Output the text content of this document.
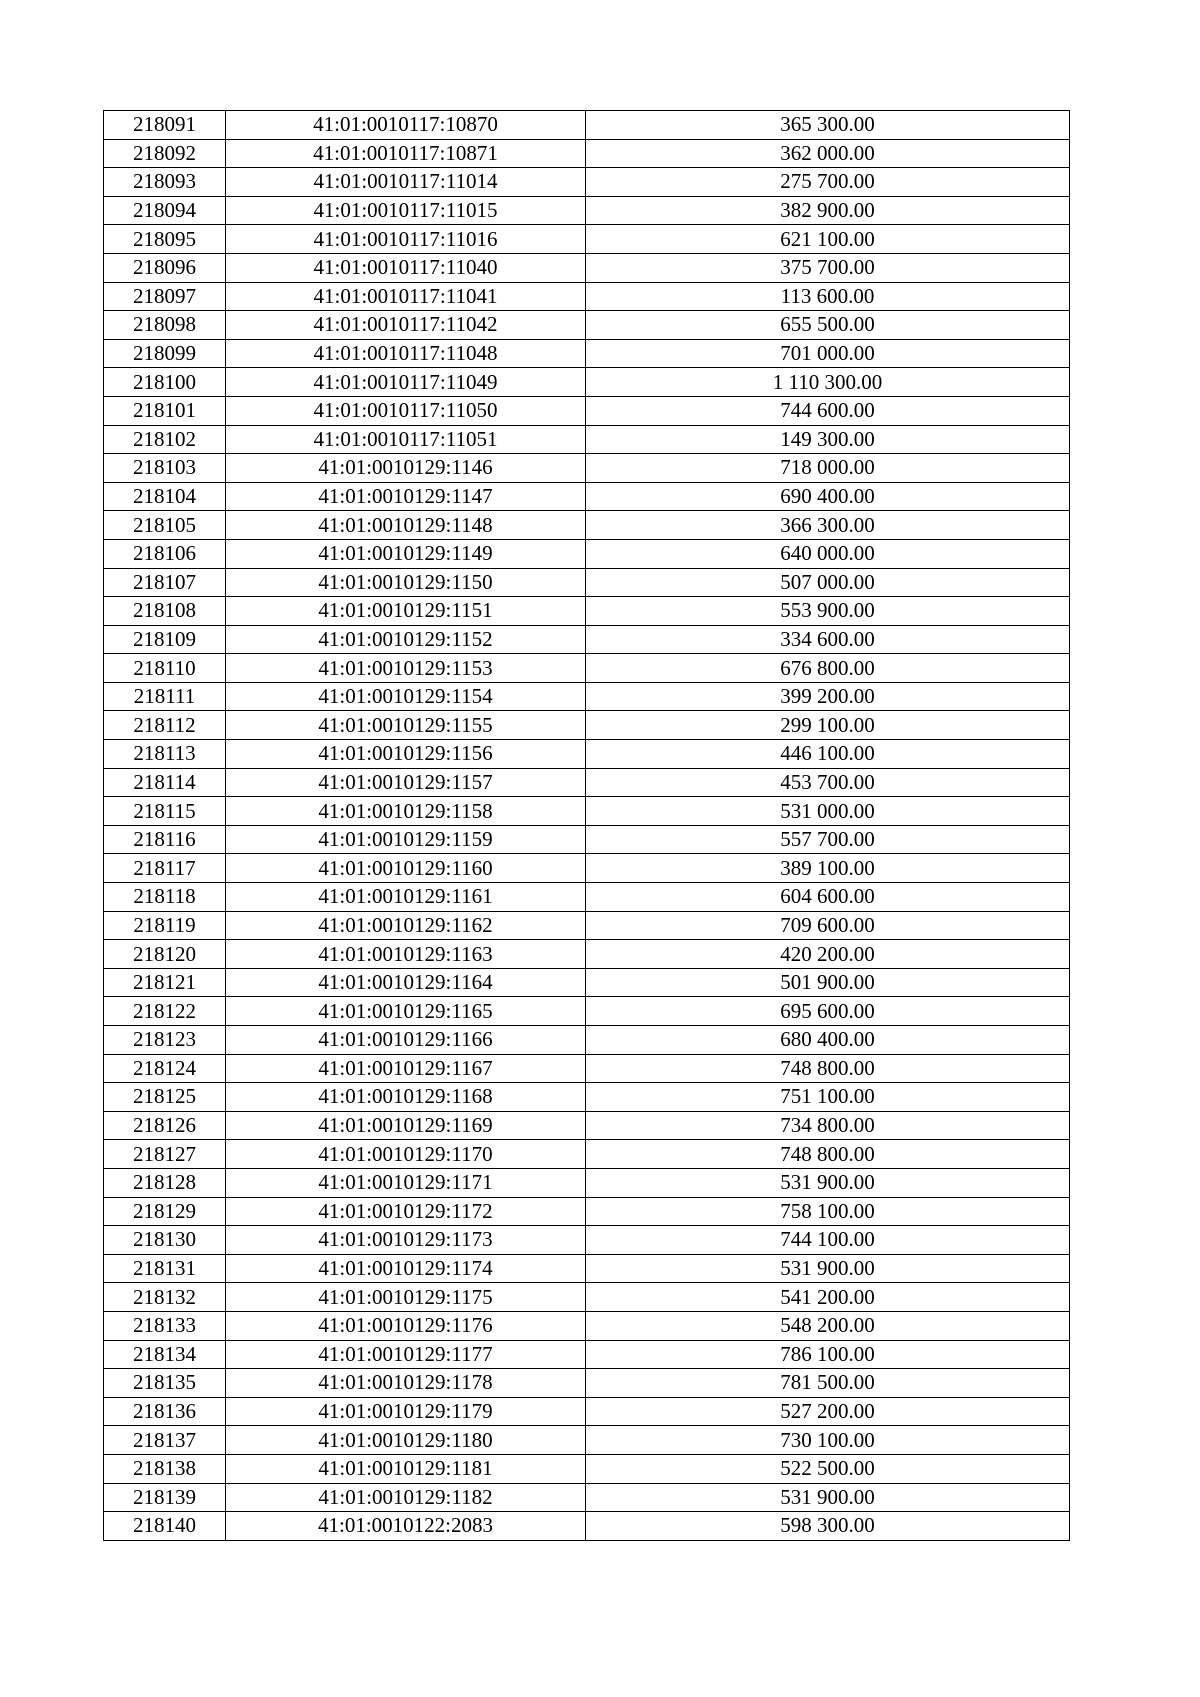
218091	41:01:0010117:10870	365 300.00
218092	41:01:0010117:10871	362 000.00
218093	41:01:0010117:11014	275 700.00
218094	41:01:0010117:11015	382 900.00
218095	41:01:0010117:11016	621 100.00
218096	41:01:0010117:11040	375 700.00
218097	41:01:0010117:11041	113 600.00
218098	41:01:0010117:11042	655 500.00
218099	41:01:0010117:11048	701 000.00
218100	41:01:0010117:11049	1 110 300.00
218101	41:01:0010117:11050	744 600.00
218102	41:01:0010117:11051	149 300.00
218103	41:01:0010129:1146	718 000.00
218104	41:01:0010129:1147	690 400.00
218105	41:01:0010129:1148	366 300.00
218106	41:01:0010129:1149	640 000.00
218107	41:01:0010129:1150	507 000.00
218108	41:01:0010129:1151	553 900.00
218109	41:01:0010129:1152	334 600.00
218110	41:01:0010129:1153	676 800.00
218111	41:01:0010129:1154	399 200.00
218112	41:01:0010129:1155	299 100.00
218113	41:01:0010129:1156	446 100.00
218114	41:01:0010129:1157	453 700.00
218115	41:01:0010129:1158	531 000.00
218116	41:01:0010129:1159	557 700.00
218117	41:01:0010129:1160	389 100.00
218118	41:01:0010129:1161	604 600.00
218119	41:01:0010129:1162	709 600.00
218120	41:01:0010129:1163	420 200.00
218121	41:01:0010129:1164	501 900.00
218122	41:01:0010129:1165	695 600.00
218123	41:01:0010129:1166	680 400.00
218124	41:01:0010129:1167	748 800.00
218125	41:01:0010129:1168	751 100.00
218126	41:01:0010129:1169	734 800.00
218127	41:01:0010129:1170	748 800.00
218128	41:01:0010129:1171	531 900.00
218129	41:01:0010129:1172	758 100.00
218130	41:01:0010129:1173	744 100.00
218131	41:01:0010129:1174	531 900.00
218132	41:01:0010129:1175	541 200.00
218133	41:01:0010129:1176	548 200.00
218134	41:01:0010129:1177	786 100.00
218135	41:01:0010129:1178	781 500.00
218136	41:01:0010129:1179	527 200.00
218137	41:01:0010129:1180	730 100.00
218138	41:01:0010129:1181	522 500.00
218139	41:01:0010129:1182	531 900.00
218140	41:01:0010122:2083	598 300.00
